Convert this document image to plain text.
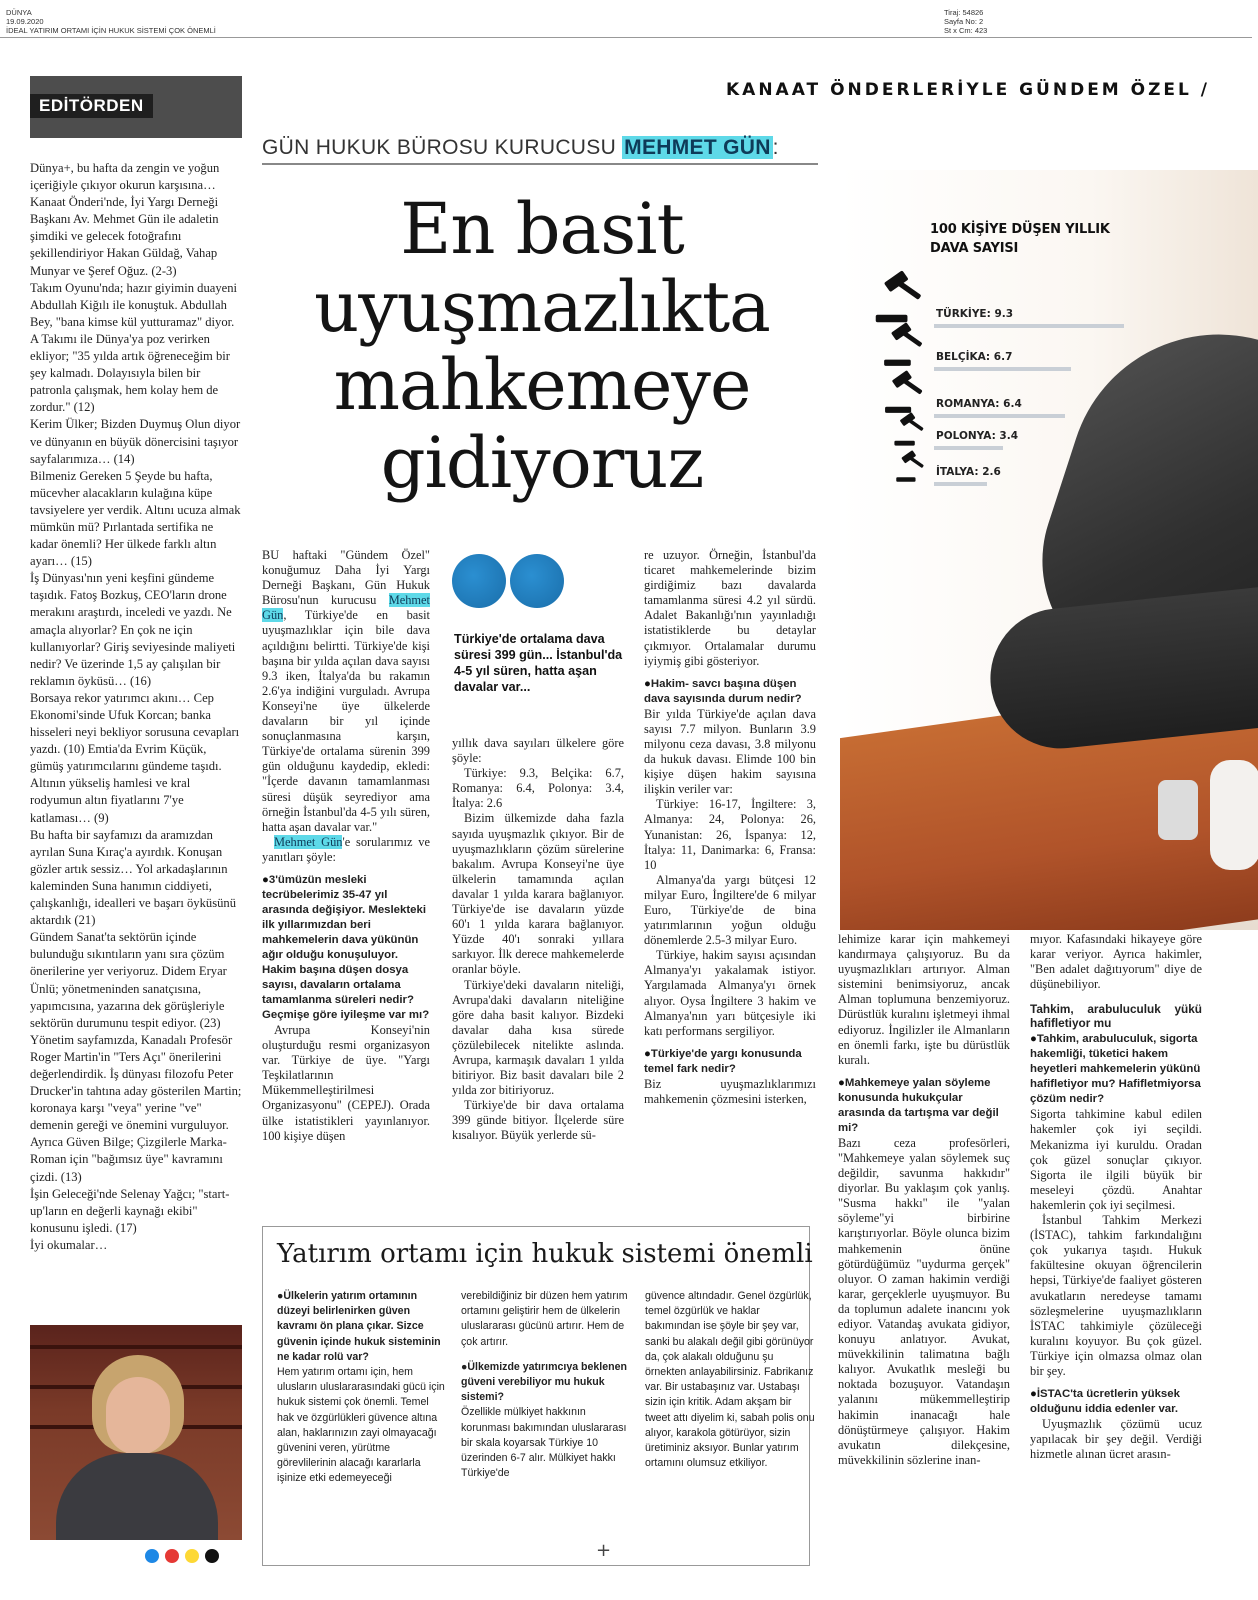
DÜNYA
19.09.2020
İDEAL YATIRIM ORTAMI İÇİN HUKUK SİSTEMİ ÇOK ÖNEMLİ
Tiraj: 54826
Sayfa No: 2
St x Cm: 423
EDİTÖRDEN

Dünya+, bu hafta da zengin ve yoğun içeriğiyle çıkıyor okurun karşısına… Kanaat Önderi'nde, İyi Yargı Derneği Başkanı Av. Mehmet Gün ile adaletin şimdiki ve gelecek fotoğrafını şekillendiriyor Hakan Güldağ, Vahap Munyar ve Şeref Oğuz. (2-3)

Takım Oyunu'nda; hazır giyimin duayeni Abdullah Kiğılı ile konuştuk. Abdullah Bey, "bana kimse kül yutturamaz" diyor. A Takımı ile Dünya'ya poz verirken ekliyor; "35 yılda artık öğreneceğim bir şey kalmadı. Dolayısıyla bilen bir patronla çalışmak, hem kolay hem de zordur." (12)

Kerim Ülker; Bizden Duymuş Olun diyor ve dünyanın en büyük dönercisini taşıyor sayfalarımıza… (14)

Bilmeniz Gereken 5 Şeyde bu hafta, mücevher alacakların kulağına küpe tavsiyelere yer verdik. Altını ucuza almak mümkün mü? Pırlantada sertifika ne kadar önemli? Her ülkede farklı altın ayarı… (15)

İş Dünyası'nın yeni keşfini gündeme taşıdık. Fatoş Bozkuş, CEO'ların drone merakını araştırdı, inceledi ve yazdı. Ne amaçla alıyorlar? En çok ne için kullanıyorlar? Giriş seviyesinde maliyeti nedir? Ve üzerinde 1,5 ay çalışılan bir reklamın öyküsü… (16)

Borsaya rekor yatırımcı akını… Cep Ekonomi'sinde Ufuk Korcan; banka hisseleri neyi bekliyor sorusuna cevapları yazdı. (10) Emtia'da Evrim Küçük, gümüş yatırımcılarını gündeme taşıdı. Altının yükseliş hamlesi ve kral rodyumun altın fiyatlarını 7'ye katlaması… (9)

Bu hafta bir sayfamızı da aramızdan ayrılan Suna Kıraç'a ayırdık. Konuşan gözler artık sessiz… Yol arkadaşlarının kaleminden Suna hanımın ciddiyeti, çalışkanlığı, idealleri ve başarı öyküsünü aktardık (21)

Gündem Sanat'ta sektörün içinde bulunduğu sıkıntıların yanı sıra çözüm önerilerine yer veriyoruz. Didem Eryar Ünlü; yönetmeninden sanatçısına, yapımcısına, yazarına dek görüşleriyle sektörün durumunu tespit ediyor. (23)

Yönetim sayfamızda, Kanadalı Profesör Roger Martin'in "Ters Açı" önerilerini değerlendirdik. İş dünyası filozofu Peter Drucker'in tahtına aday gösterilen Martin; koronaya karşı "veya" yerine "ve" demenin gereği ve önemini vurguluyor. Ayrıca Güven Bilge; Çizgilerle Marka-Roman için "bağımsız üye" kavramını çizdi. (13)

İşin Geleceği'nde Selenay Yağcı; "start-up'ların en değerli kaynağı ekibi" konusunu işledi. (17)

İyi okumalar…

KANAAT ÖNDERLERİYLE GÜNDEM ÖZEL /
GÜN HUKUK BÜROSU KURUCUSU MEHMET GÜN:
En basit
uyuşmazlıkta
mahkemeye
gidiyoruz
100 KİŞİYE DÜŞEN YILLIK DAVA SAYISI
TÜRKİYE: 9.3
BELÇİKA: 6.7
ROMANYA: 6.4
POLONYA: 3.4
İTALYA: 2.6
Türkiye'de ortalama dava süresi 399 gün... İstanbul'da 4-5 yıl süren, hatta aşan davalar var...

BU haftaki "Gündem Özel" konuğumuz Daha İyi Yargı Derneği Başkanı, Gün Hukuk Bürosu'nun kurucusu Mehmet Gün, Türkiye'de en basit uyuşmazlıklar için bile dava açıldığını belirtti. Türkiye'de kişi başına bir yılda açılan dava sayısı 9.3 iken, İtalya'da bu rakamın 2.6'ya indiğini vurguladı. Avrupa Konseyi'ne üye ülkelerde davaların bir yıl içinde sonuçlanmasına karşın, Türkiye'de ortalama sürenin 399 gün olduğunu kaydedip, ekledi: "İçerde davanın tamamlanması süresi düşük seyrediyor ama örneğin İstanbul'da 4-5 yılı süren, hatta aşan davalar var."

Mehmet Gün'e sorularımız ve yanıtları şöyle:

● 3'ümüzün mesleki tecrübelerimiz 35-47 yıl arasında değişiyor. Meslekteki ilk yıllarımızdan beri mahkemelerin dava yükünün ağır olduğu konuşuluyor. Hakim başına düşen dosya sayısı, davaların ortalama tamamlanma süreleri nedir? Geçmişe göre iyileşme var mı?

Avrupa Konseyi'nin oluşturduğu resmi organizasyon var. Türkiye de üye. "Yargı Teşkilatlarının Mükemmelleştirilmesi Organizasyonu" (CEPEJ). Orada ülke istatistikleri yayınlanıyor. 100 kişiye düşen

yıllık dava sayıları ülkelere göre şöyle:

Türkiye: 9.3, Belçika: 6.7, Romanya: 6.4, Polonya: 3.4, İtalya: 2.6

Bizim ülkemizde daha fazla sayıda uyuşmazlık çıkıyor. Bir de uyuşmazlıkların çözüm sürelerine bakalım. Avrupa Konseyi'ne üye ülkelerin tamamında açılan davalar 1 yılda karara bağlanıyor. Türkiye'de ise davaların yüzde 60'ı 1 yılda karara bağlanıyor. Yüzde 40'ı sonraki yıllara sarkıyor. İlk derece mahkemelerde oranlar böyle.

Türkiye'deki davaların niteliği, Avrupa'daki davaların niteliğine göre daha basit kalıyor. Bizdeki davalar daha kısa sürede çözülebilecek nitelikte aslında. Avrupa, karmaşık davaları 1 yılda bitiriyor. Biz basit davaları bile 2 yılda zor bitiriyoruz.

Türkiye'de bir dava ortalama 399 günde bitiyor. İlçelerde süre kısalıyor. Büyük yerlerde sü-

re uzuyor. Örneğin, İstanbul'da ticaret mahkemelerinde bizim girdiğimiz bazı davalarda tamamlanma süresi 4.2 yıl sürdü. Adalet Bakanlığı'nın yayınladığı istatistiklerde bu detaylar çıkmıyor. Ortalamalar durumu iyiymiş gibi gösteriyor.

● Hakim- savcı başına düşen dava sayısında durum nedir?

Bir yılda Türkiye'de açılan dava sayısı 7.7 milyon. Bunların 3.9 milyonu ceza davası, 3.8 milyonu da hukuk davası. Elimde 100 bin kişiye düşen hakim sayısına ilişkin veriler var:

Türkiye: 16-17, İngiltere: 3, Almanya: 24, Polonya: 26, Yunanistan: 26, İspanya: 12, İtalya: 11, Danimarka: 6, Fransa: 10

Almanya'da yargı bütçesi 12 milyar Euro, İngiltere'de 6 milyar Euro, Türkiye'de de bina yatırımlarının yoğun olduğu dönemlerde 2.5-3 milyar Euro.

Türkiye, hakim sayısı açısından Almanya'yı yakalamak istiyor. Yargılamada Almanya'yı örnek alıyor. Oysa İngiltere 3 hakim ve Almanya'nın yarı bütçesiyle iki katı performans sergiliyor.

● Türkiye'de yargı konusunda temel fark nedir?

Biz uyuşmazlıklarımızı mahkemenin çözmesini isterken,

lehimize karar için mahkemeyi kandırmaya çalışıyoruz. Bu da uyuşmazlıkları artırıyor. Alman sistemini benimsiyoruz, ancak Alman toplumuna benzemiyoruz. Dürüstlük kuralını işletmeyi ihmal ediyoruz. İngilizler ile Almanların en önemli farkı, işte bu dürüstlük kuralı.

● Mahkemeye yalan söyleme konusunda hukukçular arasında da tartışma var değil mi?

Bazı ceza profesörleri, "Mahkemeye yalan söylemek suç değildir, savunma hakkıdır" diyorlar. Bu yaklaşım çok yanlış. "Susma hakkı" ile "yalan söyleme"yi birbirine karıştırıyorlar. Böyle olunca bizim mahkemenin önüne götürdüğümüz "uydurma gerçek" oluyor. O zaman hakimin verdiği karar, gerçeklerle uyuşmuyor. Bu da toplumun adalete inancını yok ediyor. Vatandaş avukata gidiyor, konuyu anlatıyor. Avukat, müvekkilinin talimatına bağlı kalıyor. Avukatlık mesleği bu noktada bozuşuyor. Vatandaşın yalanını mükemmelleştirip hakimin inanacağı hale dönüştürmeye çalışıyor. Hakim avukatın dilekçesine, müvekkilinin sözlerine inan-

mıyor. Kafasındaki hikayeye göre karar veriyor. Ayrıca hakimler, "Ben adalet dağıtıyorum" diye de düşünebiliyor.

Tahkim, arabuluculuk yükü hafifletiyor mu

● Tahkim, arabuluculuk, sigorta hakemliği, tüketici hakem heyetleri mahkemelerin yükünü hafifletiyor mu? Hafifletmiyorsa çözüm nedir?

Sigorta tahkimine kabul edilen hakemler çok iyi seçildi. Mekanizma iyi kuruldu. Oradan çok güzel sonuçlar çıkıyor. Sigorta ile ilgili büyük bir meseleyi çözdü. Anahtar hakemlerin çok iyi seçilmesi.

İstanbul Tahkim Merkezi (İSTAC), tahkim farkındalığını çok yukarıya taşıdı. Hukuk fakültesine okuyan öğrencilerin hepsi, Türkiye'de faaliyet gösteren avukatların neredeyse tamamı sözleşmelerine uyuşmazlıkların İSTAC tahkimiyle çözüleceği kuralını koyuyor. Bu çok güzel. Türkiye için olmazsa olmaz olan bir şey.

● İSTAC'ta ücretlerin yüksek olduğunu iddia edenler var.

Uyuşmazlık çözümü ucuz yapılacak bir şey değil. Verdiği hizmetle alınan ücret arasın-

Yatırım ortamı için hukuk sistemi önemli

● Ülkelerin yatırım ortamının düzeyi belirlenirken güven kavramı ön plana çıkar. Sizce güvenin içinde hukuk sisteminin ne kadar rolü var?

Hem yatırım ortamı için, hem ulusların uluslararasındaki gücü için hukuk sistemi çok önemli. Temel hak ve özgürlükleri güvence altına alan, haklarınızın zayi olmayacağı güvenini veren, yürütme görevlilerinin alacağı kararlarla işinize etki edemeyeceği

verebildiğiniz bir düzen hem yatırım ortamını geliştirir hem de ülkelerin uluslararası gücünü artırır. Hem de çok artırır.

● Ülkemizde yatırımcıya beklenen güveni verebiliyor mu hukuk sistemi?

Özellikle mülkiyet hakkının korunması bakımından uluslararası bir skala koyarsak Türkiye 10 üzerinden 6-7 alır. Mülkiyet hakkı Türkiye'de

güvence altındadır. Genel özgürlük, temel özgürlük ve haklar bakımından ise şöyle bir şey var, sanki bu alakalı değil gibi görünüyor da, çok alakalı olduğunu şu örnekten anlayabilirsiniz. Fabrikanız var. Bir ustabaşınız var. Ustabaşı sizin için kritik. Adam akşam bir tweet attı diyelim ki, sabah polis onu alıyor, karakola götürüyor, sizin üretiminiz aksıyor. Bunlar yatırım ortamını olumsuz etkiliyor.

+
